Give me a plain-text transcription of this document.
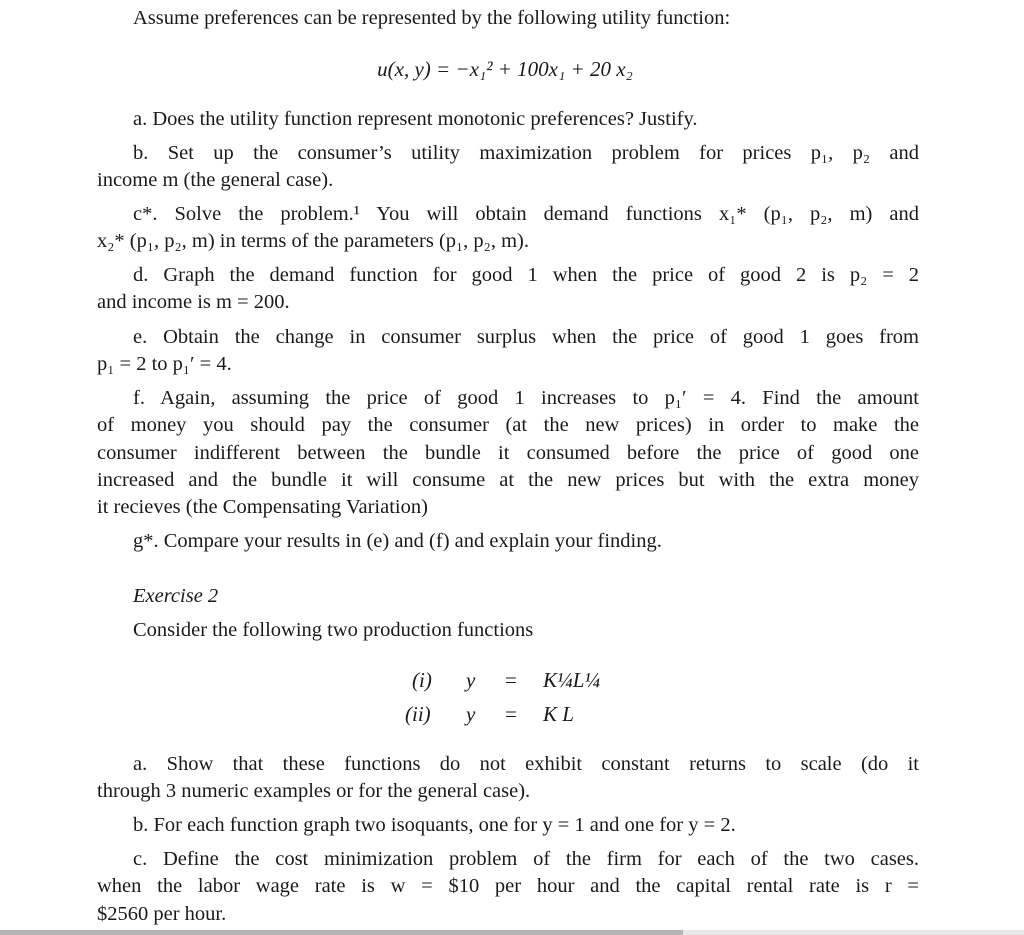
Assume preferences can be represented by the following utility function:
u(x, y) = −x₁² + 100x₁ + 20 x₂
a. Does the utility function represent monotonic preferences? Justify.
b. Set up the consumer’s utility maximization problem for prices p₁, p₂ and
income m (the general case).
c*. Solve the problem.¹ You will obtain demand functions x₁* (p₁, p₂, m) and
x₂* (p₁, p₂, m) in terms of the parameters (p₁, p₂, m).
d. Graph the demand function for good 1 when the price of good 2 is p₂ = 2
and income is m = 200.
e. Obtain the change in consumer surplus when the price of good 1 goes from
p₁ = 2 to p₁′ = 4.
f. Again, assuming the price of good 1 increases to p₁′ = 4. Find the amount
of money you should pay the consumer (at the new prices) in order to make the
consumer indifferent between the bundle it consumed before the price of good one
increased and the bundle it will consume at the new prices but with the extra money
it recieves (the Compensating Variation)
g*. Compare your results in (e) and (f) and explain your finding.
Exercise 2
Consider the following two production functions
(i) y = K¼L¼
(ii) y = K L
a. Show that these functions do not exhibit constant returns to scale (do it
through 3 numeric examples or for the general case).
b. For each function graph two isoquants, one for y = 1 and one for y = 2.
c. Define the cost minimization problem of the firm for each of the two cases.
when the labor wage rate is w = $10 per hour and the capital rental rate is r =
$2560 per hour.
